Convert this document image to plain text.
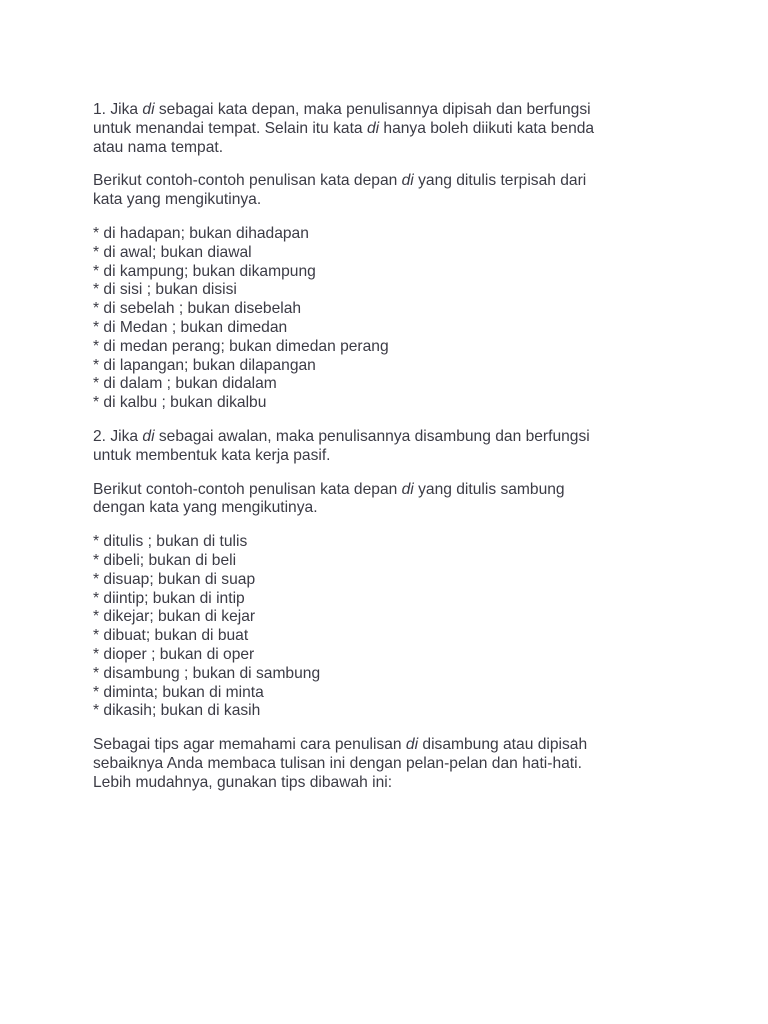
1. Jika di sebagai kata depan, maka penulisannya dipisah dan berfungsi
untuk menandai tempat. Selain itu kata di hanya boleh diikuti kata benda
atau nama tempat.

Berikut contoh-contoh penulisan kata depan di yang ditulis terpisah dari
kata yang mengikutinya.

* di hadapan; bukan dihadapan
* di awal; bukan diawal
* di kampung; bukan dikampung
* di sisi ; bukan disisi
* di sebelah ; bukan disebelah
* di Medan ; bukan dimedan
* di medan perang; bukan dimedan perang
* di lapangan; bukan dilapangan
* di dalam ; bukan didalam
* di kalbu ; bukan dikalbu

2. Jika di sebagai awalan, maka penulisannya disambung dan berfungsi
untuk membentuk kata kerja pasif.

Berikut contoh-contoh penulisan kata depan di yang ditulis sambung
dengan kata yang mengikutinya.

* ditulis ; bukan di tulis
* dibeli; bukan di beli
* disuap; bukan di suap
* diintip; bukan di intip
* dikejar; bukan di kejar
* dibuat; bukan di buat
* dioper ; bukan di oper
* disambung ; bukan di sambung
* diminta; bukan di minta
* dikasih; bukan di kasih

Sebagai tips agar memahami cara penulisan di disambung atau dipisah
sebaiknya Anda membaca tulisan ini dengan pelan-pelan dan hati-hati.
Lebih mudahnya, gunakan tips dibawah ini:
